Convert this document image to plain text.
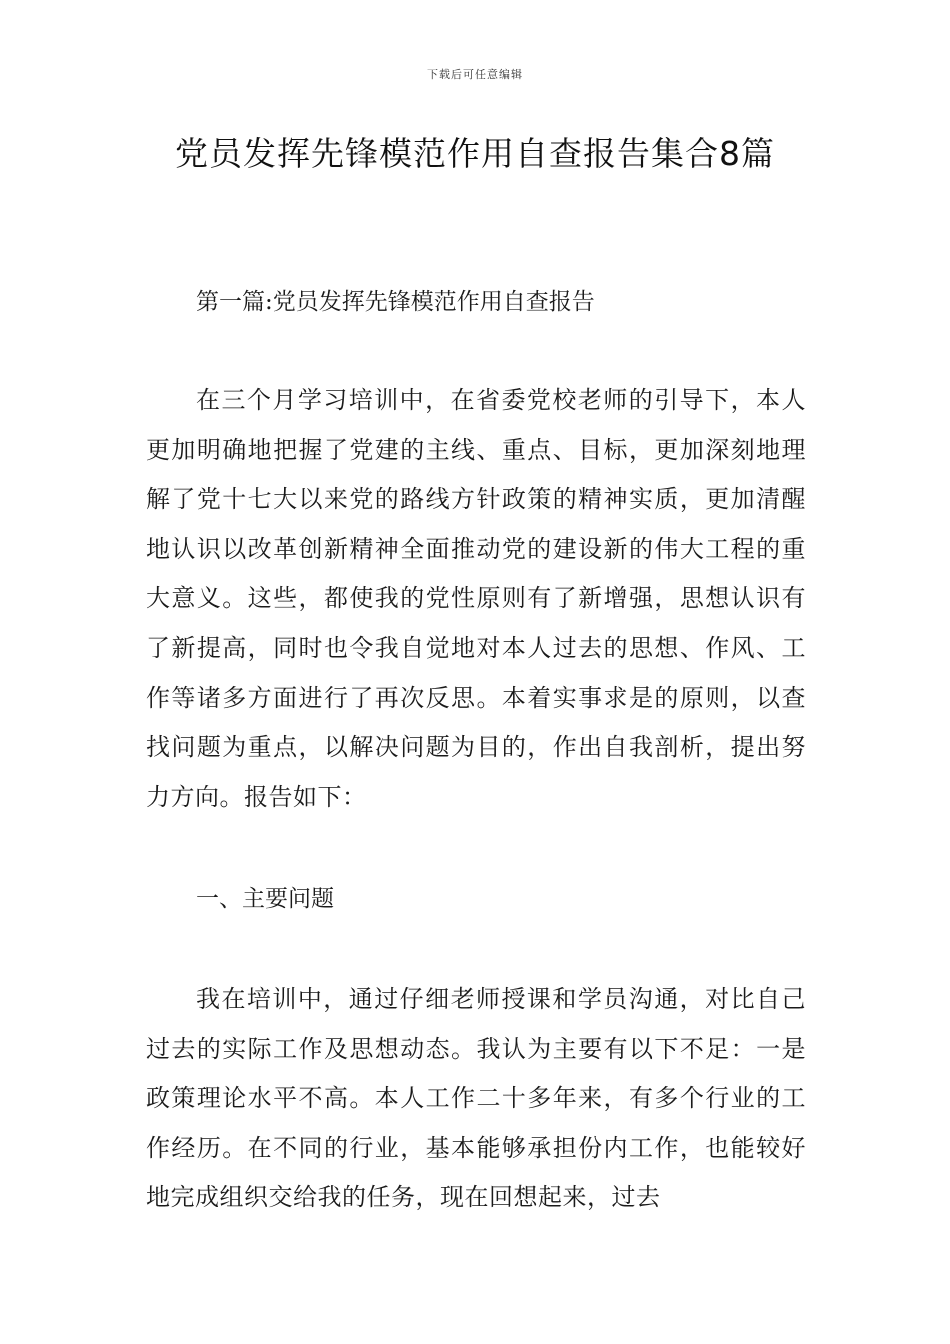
下载后可任意编辑
党员发挥先锋模范作用自查报告集合8篇
第一篇:党员发挥先锋模范作用自查报告

在三个月学习培训中，在省委党校老师的引导下，本人更加明确地把握了党建的主线、重点、目标，更加深刻地理解了党十七大以来党的路线方针政策的精神实质，更加清醒地认识以改革创新精神全面推动党的建设新的伟大工程的重大意义。这些，都使我的党性原则有了新增强，思想认识有了新提高，同时也令我自觉地对本人过去的思想、作风、工作等诸多方面进行了再次反思。本着实事求是的原则，以查找问题为重点，以解决问题为目的，作出自我剖析，提出努力方向。报告如下：

一、主要问题

我在培训中，通过仔细老师授课和学员沟通，对比自己过去的实际工作及思想动态。我认为主要有以下不足：一是政策理论水平不高。本人工作二十多年来，有多个行业的工作经历。在不同的行业，基本能够承担份内工作，也能较好地完成组织交给我的任务，现在回想起来，过去
